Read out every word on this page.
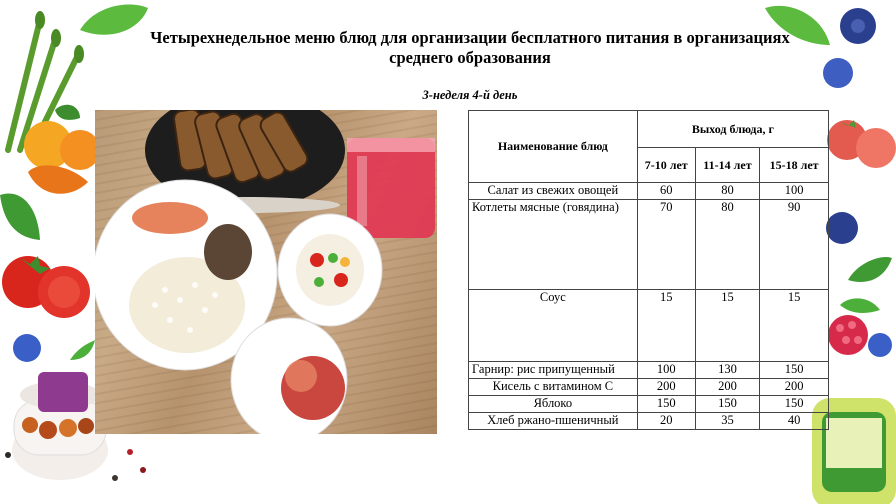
Четырехнедельное меню блюд для организации бесплатного питания в организациях среднего образования
3-неделя 4-й день
Наименование блюд	Выход блюда, г		
	7-10 лет	11-14 лет	15-18 лет
Салат из свежих овощей	60	80	100
Котлеты мясные (говядина)	70	80	90
Соус	15	15	15
Гарнир: рис припущенный	100	130	150
Кисель с витамином С	200	200	200
Яблоко	150	150	150
Хлеб ржано-пшеничный	20	35	40
